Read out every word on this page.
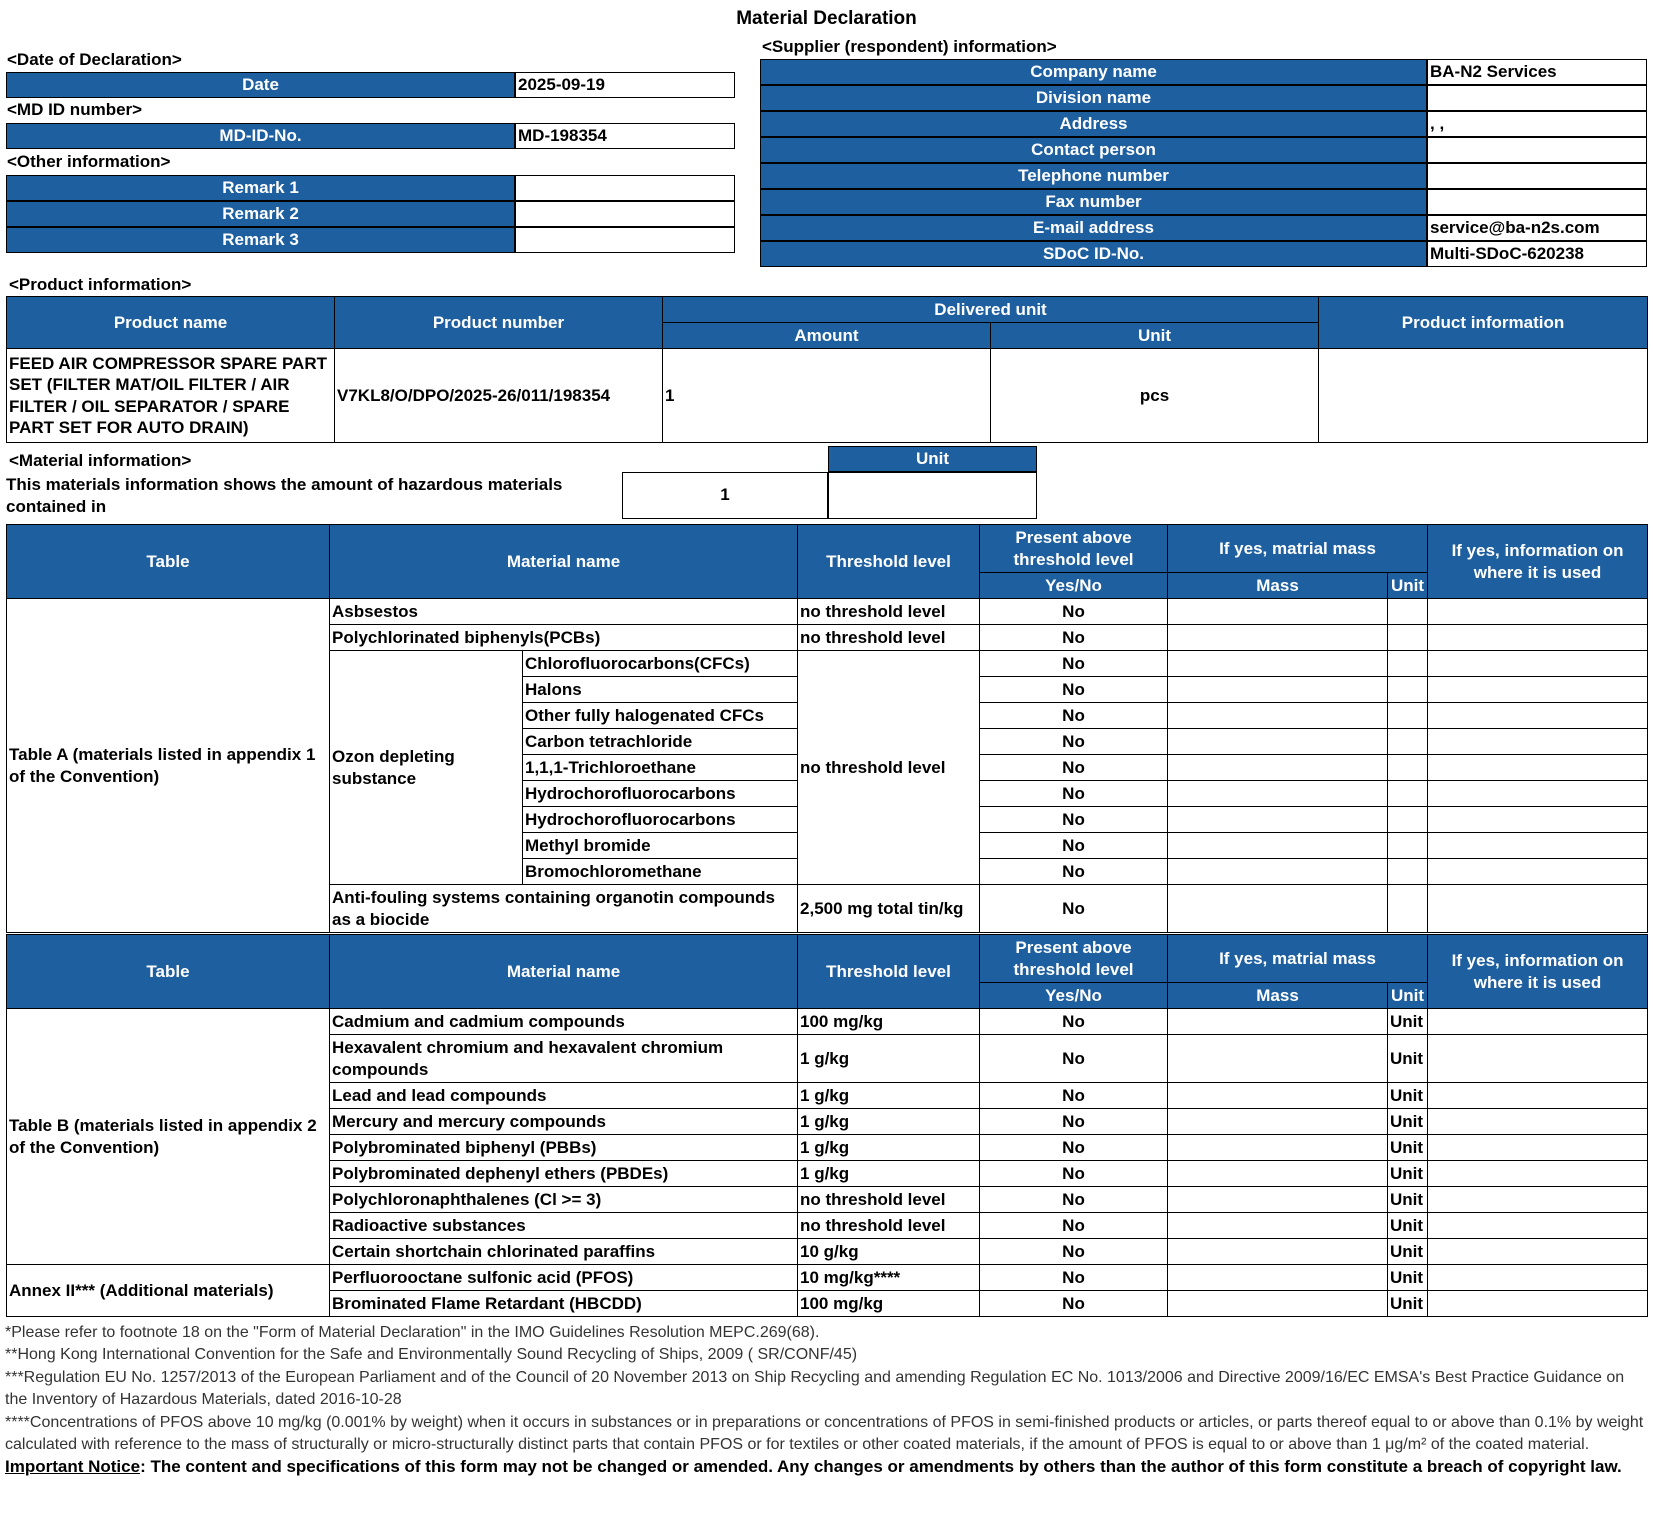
Material Declaration
<Date of Declaration>
Date	2025-09-19
<MD ID number>
MD-ID-No.	MD-198354
<Other information>
Remark 1
Remark 2
Remark 3
<Supplier (respondent) information>
Company name	BA-N2 Services
Division name
Address	, ,
Contact person
Telephone number
Fax number
E-mail address	service@ba-n2s.com
SDoC ID-No.	Multi-SDoC-620238
<Product information>
Product name	Product number	Delivered unit		Product information
		Amount	Unit	
FEED AIR COMPRESSOR SPARE PART SET (FILTER MAT/OIL FILTER / AIR FILTER / OIL SEPARATOR / SPARE PART SET FOR AUTO DRAIN)	V7KL8/O/DPO/2025-26/011/198354	1	pcs	
<Material information>	Unit
This materials information shows the amount of hazardous materials contained in
1
Table	Material name		Threshold level	Present above threshold level	If yes, matrial mass		If yes, information on where it is used
				Yes/No	Mass	Unit	
Table A (materials listed in appendix 1 of the Convention)	Asbsestos		no threshold level	No			
	Polychlorinated biphenyls(PCBs)		no threshold level	No			
	Ozon depleting substance	Chlorofluorocarbons(CFCs)	no threshold level	No			
		Halons		No			
		Other fully halogenated CFCs		No			
		Carbon tetrachloride		No			
		1,1,1-Trichloroethane		No			
		Hydrochorofluorocarbons		No			
		Hydrochorofluorocarbons		No			
		Methyl bromide		No			
		Bromochloromethane		No			
	Anti-fouling systems containing organotin compounds as a biocide		2,500 mg total tin/kg	No			
Table	Material name	Threshold level	Present above threshold level	If yes, matrial mass		If yes, information on where it is used
			Yes/No	Mass	Unit	
Table B (materials listed in appendix 2 of the Convention)	Cadmium and cadmium compounds	100 mg/kg	No		Unit	
	Hexavalent chromium and hexavalent chromium compounds	1 g/kg	No		Unit	
	Lead and lead compounds	1 g/kg	No		Unit	
	Mercury and mercury compounds	1 g/kg	No		Unit	
	Polybrominated biphenyl (PBBs)	1 g/kg	No		Unit	
	Polybrominated dephenyl ethers (PBDEs)	1 g/kg	No		Unit	
	Polychloronaphthalenes (Cl >= 3)	no threshold level	No		Unit	
	Radioactive substances	no threshold level	No		Unit	
	Certain shortchain chlorinated paraffins	10 g/kg	No		Unit	
Annex II*** (Additional materials)	Perfluorooctane sulfonic acid (PFOS)	10 mg/kg****	No		Unit	
	Brominated Flame Retardant (HBCDD)	100 mg/kg	No		Unit	
*Please refer to footnote 18 on the "Form of Material Declaration" in the IMO Guidelines Resolution MEPC.269(68).
**Hong Kong International Convention for the Safe and Environmentally Sound Recycling of Ships, 2009 ( SR/CONF/45)
***Regulation EU No. 1257/2013 of the European Parliament and of the Council of 20 November 2013 on Ship Recycling and amending Regulation EC No. 1013/2006 and Directive 2009/16/EC EMSA's Best Practice Guidance on the Inventory of Hazardous Materials, dated 2016-10-28
****Concentrations of PFOS above 10 mg/kg (0.001% by weight) when it occurs in substances or in preparations or concentrations of PFOS in semi-finished products or articles, or parts thereof equal to or above than 0.1% by weight calculated with reference to the mass of structurally or micro-structurally distinct parts that contain PFOS or for textiles or other coated materials, if the amount of PFOS is equal to or above than 1 μg/m² of the coated material.
Important Notice: The content and specifications of this form may not be changed or amended. Any changes or amendments by others than the author of this form constitute a breach of copyright law.
